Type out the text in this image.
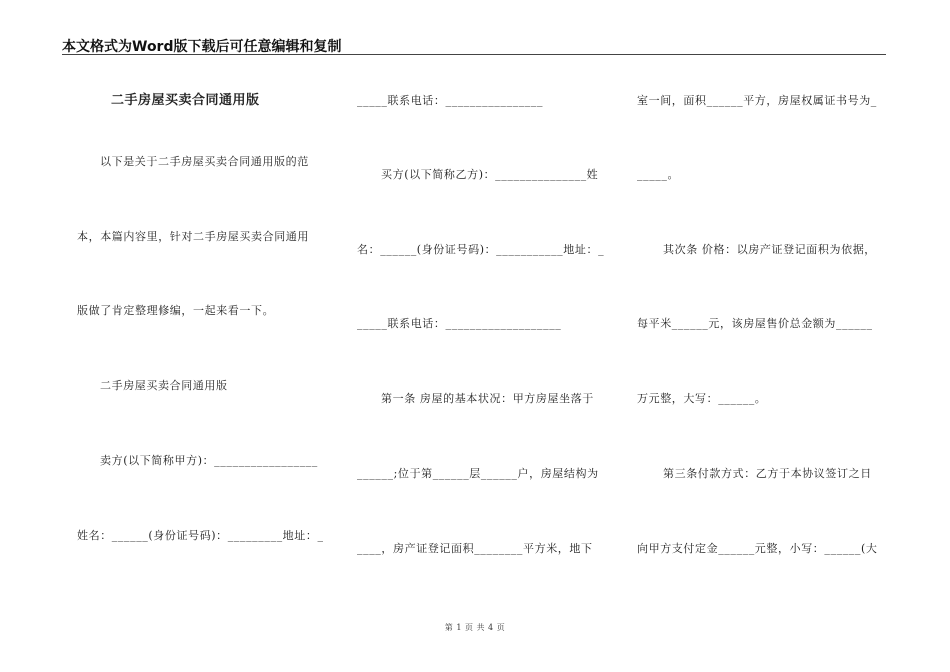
本文格式为Word版下载后可任意编辑和复制
二手房屋买卖合同通用版
以下是关于二手房屋买卖合同通用版的范
本，本篇内容里，针对二手房屋买卖合同通用
版做了肯定整理修编，一起来看一下。
二手房屋买卖合同通用版
卖方(以下简称甲方)：_________________
姓名：______(身份证号码)：_________地址：_
_____联系电话：________________
买方(以下简称乙方)：_______________姓
名：______(身份证号码)：___________地址：_
_____联系电话：___________________
第一条 房屋的基本状况：甲方房屋坐落于
______;位于第______层______户，房屋结构为
____，房产证登记面积________平方米，地下
室一间，面积______平方，房屋权属证书号为_
_____。
其次条 价格：以房产证登记面积为依据，
每平米______元，该房屋售价总金额为______
万元整，大写：______。
第三条付款方式：乙方于本协议签订之日
向甲方支付定金______元整，小写：______(大
第 1 页 共 4 页
